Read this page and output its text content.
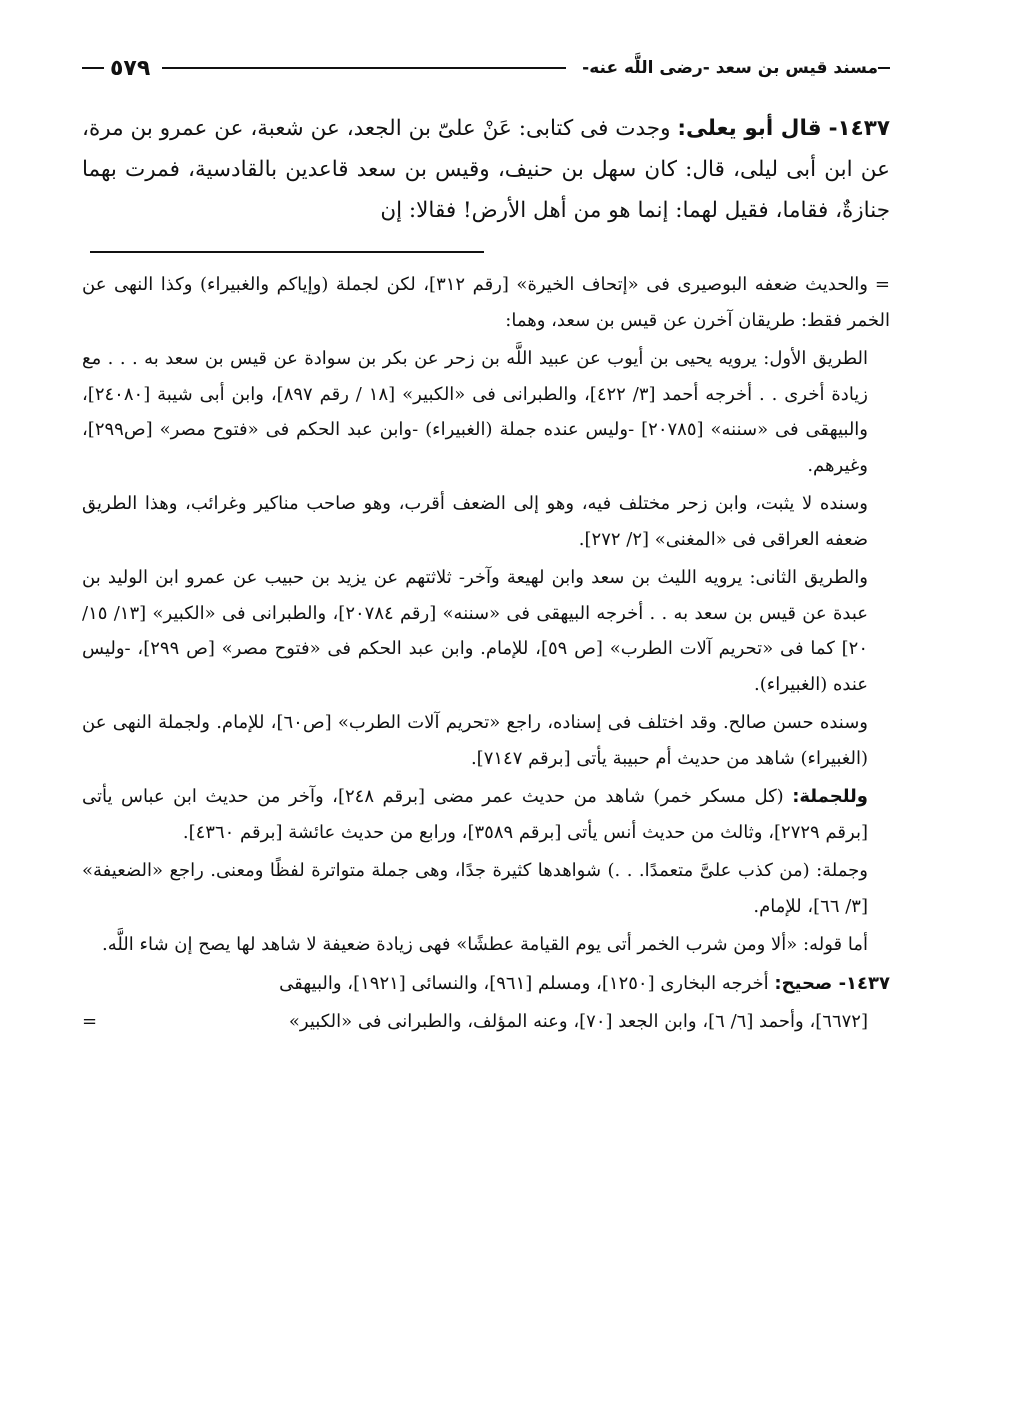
مسند قيس بن سعد -رضى اللَّه عنه-
٥٧٩

١٤٣٧- قال أبو يعلى: وجدت فى كتابى: عَنْ علىّ بن الجعد، عن شعبة، عن عمرو بن مرة، عن ابن أبى ليلى، قال: كان سهل بن حنيف، وقيس بن سعد قاعدين بالقادسية، فمرت بهما جنازةٌ، فقاما، فقيل لهما: إنما هو من أهل الأرض! فقالا: إن

=والحديث ضعفه البوصيرى فى «إتحاف الخيرة» [رقم ٣١٢]، لكن لجملة (وإياكم والغبيراء) وكذا النهى عن الخمر فقط: طريقان آخرن عن قيس بن سعد، وهما:

الطريق الأول: يرويه يحيى بن أيوب عن عبيد اللَّه بن زحر عن بكر بن سوادة عن قيس بن سعد به . . . مع زيادة أخرى . . أخرجه أحمد [٣/ ٤٢٢]، والطبرانى فى «الكبير» [١٨ / رقم ٨٩٧]، وابن أبى شيبة [٢٤٠٨٠]، والبيهقى فى «سننه» [٢٠٧٨٥] -وليس عنده جملة (الغبيراء) -وابن عبد الحكم فى «فتوح مصر» [ص٢٩٩]، وغيرهم.

وسنده لا يثبت، وابن زحر مختلف فيه، وهو إلى الضعف أقرب، وهو صاحب مناكير وغرائب، وهذا الطريق ضعفه العراقى فى «المغنى» [٢/ ٢٧٢].

والطريق الثانى: يرويه الليث بن سعد وابن لهيعة وآخر- ثلاثتهم عن يزيد بن حبيب عن عمرو ابن الوليد بن عبدة عن قيس بن سعد به . . أخرجه البيهقى فى «سننه» [رقم ٢٠٧٨٤]، والطبرانى فى «الكبير» [١٣/ ١٥/ ٢٠] كما فى «تحريم آلات الطرب» [ص ٥٩]، للإمام. وابن عبد الحكم فى «فتوح مصر» [ص ٢٩٩]، -وليس عنده (الغبيراء).

وسنده حسن صالح. وقد اختلف فى إسناده، راجع «تحريم آلات الطرب» [ص٦٠]، للإمام. ولجملة النهى عن (الغبيراء) شاهد من حديث أم حبيبة يأتى [برقم ٧١٤٧].

وللجملة: (كل مسكر خمر) شاهد من حديث عمر مضى [برقم ٢٤٨]، وآخر من حديث ابن عباس يأتى [برقم ٢٧٢٩]، وثالث من حديث أنس يأتى [برقم ٣٥٨٩]، ورابع من حديث عائشة [برقم ٤٣٦٠].

وجملة: (من كذب علىَّ متعمدًا. . .) شواهدها كثيرة جدًا، وهى جملة متواترة لفظًا ومعنى. راجع «الضعيفة» [٣/ ٦٦]، للإمام.

أما قوله: «ألا ومن شرب الخمر أتى يوم القيامة عطشًا» فهى زيادة ضعيفة لا شاهد لها يصح إن شاء اللَّه.

١٤٣٧- صحيح: أخرجه البخارى [١٢٥٠]، ومسلم [٩٦١]، والنسائى [١٩٢١]، والبيهقى

[٦٦٧٢]، وأحمد [٦/ ٦]، وابن الجعد [٧٠]، وعنه المؤلف، والطبرانى فى «الكبير»
=
